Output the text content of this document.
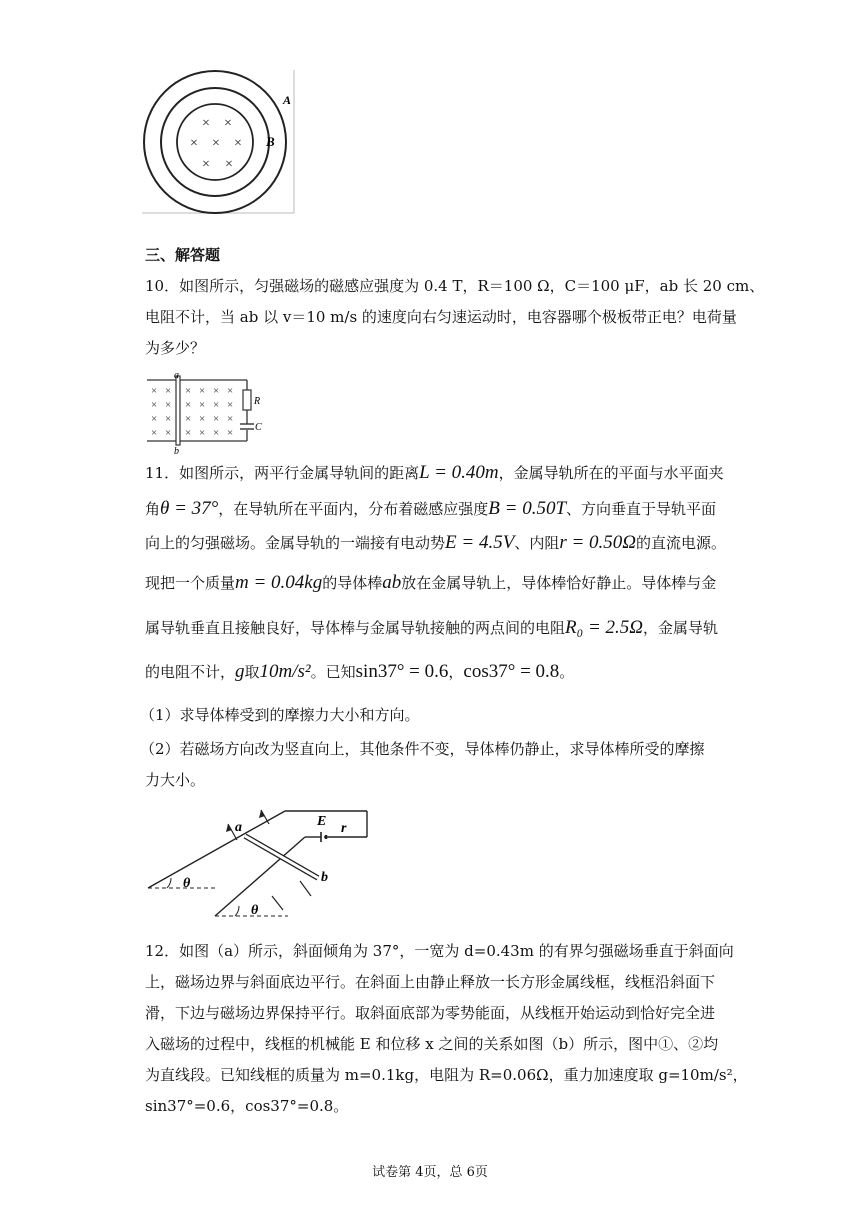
A
B
× ×
× × ×
× ×
三、解答题
10．如图所示，匀强磁场的磁感应强度为 0.4 T，R＝100 Ω，C＝100 μF，ab 长 20 cm、
电阻不计，当 ab 以 v＝10 m/s 的速度向右匀速运动时，电容器哪个极板带正电？电荷量
为多少？
a
b
R
C
× × × × × ×
× × × × × ×
× × × × × ×
× × × × × ×
11．如图所示，两平行金属导轨间的距离L = 0.40m，金属导轨所在的平面与水平面夹
角θ = 37°，在导轨所在平面内，分布着磁感应强度B = 0.50T、方向垂直于导轨平面
向上的匀强磁场。金属导轨的一端接有电动势E = 4.5V、内阻r = 0.50Ω的直流电源。
现把一个质量m = 0.04kg的导体棒ab放在金属导轨上，导体棒恰好静止。导体棒与金
属导轨垂直且接触良好，导体棒与金属导轨接触的两点间的电阻R₀ = 2.5Ω，金属导轨
的电阻不计，g取10m/s²。已知sin37° = 0.6，cos37° = 0.8。
（1）求导体棒受到的摩擦力大小和方向。
（2）若磁场方向改为竖直向上，其他条件不变，导体棒仍静止，求导体棒所受的摩擦
力大小。
a
b
E r
θ
θ
12．如图（a）所示，斜面倾角为 37°，一宽为 d=0.43m 的有界匀强磁场垂直于斜面向
上，磁场边界与斜面底边平行。在斜面上由静止释放一长方形金属线框，线框沿斜面下
滑，下边与磁场边界保持平行。取斜面底部为零势能面，从线框开始运动到恰好完全进
入磁场的过程中，线框的机械能 E 和位移 x 之间的关系如图（b）所示，图中①、②均
为直线段。已知线框的质量为 m=0.1kg，电阻为 R=0.06Ω，重力加速度取 g=10m/s²，
sin37°=0.6，cos37°=0.8。
试卷第 4页，总 6页
